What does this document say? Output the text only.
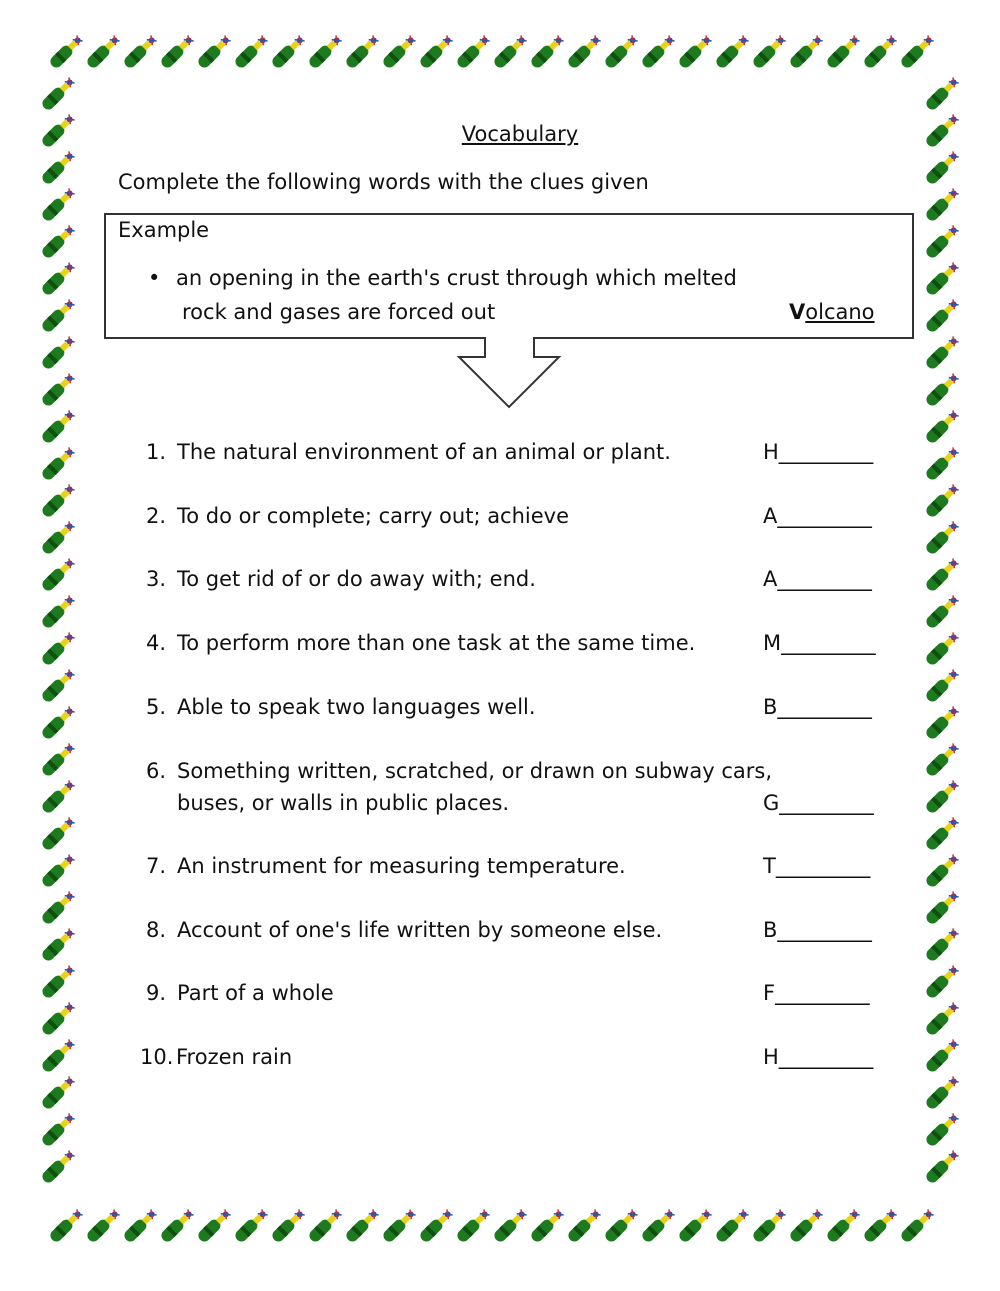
Vocabulary
Complete the following words with the clues given
Example
• an opening in the earth's crust through which melted
rock and gases are forced out	Volcano
1. The natural environment of an animal or plant.	H_________
2. To do or complete; carry out; achieve	A_________
3. To get rid of or do away with; end.	A_________
4. To perform more than one task at the same time.	M_________
5. Able to speak two languages well.	B_________
6. Something written, scratched, or drawn on subway cars,
buses, or walls in public places.	G_________
7. An instrument for measuring temperature.	T_________
8. Account of one's life written by someone else.	B_________
9. Part of a whole	F_________
10. Frozen rain	H_________
